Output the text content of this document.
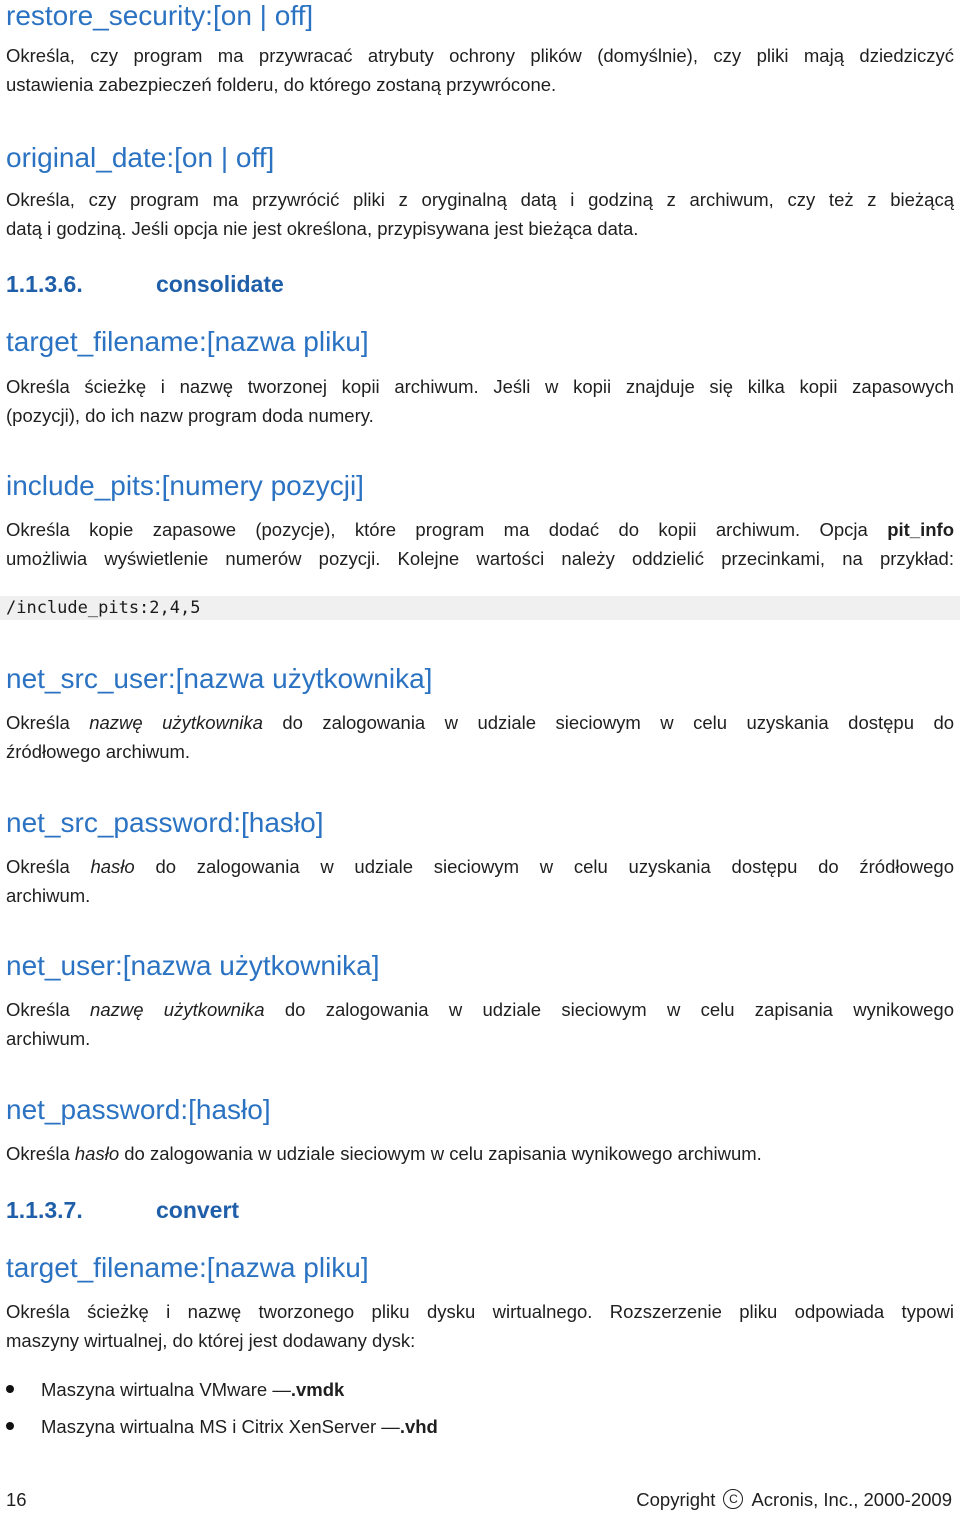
restore_security:[on | off]

Określa, czy program ma przywracać atrybuty ochrony plików (domyślnie), czy pliki mają dziedziczyć
ustawienia zabezpieczeń folderu, do którego zostaną przywrócone.

original_date:[on | off]

Określa, czy program ma przywrócić pliki z oryginalną datą i godziną z archiwum, czy też z bieżącą
datą i godziną. Jeśli opcja nie jest określona, przypisywana jest bieżąca data.

1.1.3.6.	consolidate
target_filename:[nazwa pliku]

Określa ścieżkę i nazwę tworzonej kopii archiwum. Jeśli w kopii znajduje się kilka kopii zapasowych
(pozycji), do ich nazw program doda numery.

include_pits:[numery pozycji]

Określa kopie zapasowe (pozycje), które program ma dodać do kopii archiwum. Opcja pit_info
umożliwia wyświetlenie numerów pozycji. Kolejne wartości należy oddzielić przecinkami, na przykład:

/include_pits:2,4,5
net_src_user:[nazwa użytkownika]

Określa nazwę użytkownika do zalogowania w udziale sieciowym w celu uzyskania dostępu do
źródłowego archiwum.

net_src_password:[hasło]

Określa hasło do zalogowania w udziale sieciowym w celu uzyskania dostępu do źródłowego
archiwum.

net_user:[nazwa użytkownika]

Określa nazwę użytkownika do zalogowania w udziale sieciowym w celu zapisania wynikowego
archiwum.

net_password:[hasło]

Określa hasło do zalogowania w udziale sieciowym w celu zapisania wynikowego archiwum.

1.1.3.7.	convert
target_filename:[nazwa pliku]

Określa ścieżkę i nazwę tworzonego pliku dysku wirtualnego. Rozszerzenie pliku odpowiada typowi
maszyny wirtualnej, do której jest dodawany dysk:

Maszyna wirtualna VMware —.vmdk
Maszyna wirtualna MS i Citrix XenServer —.vhd
16	Copyright C Acronis, Inc., 2000-2009
